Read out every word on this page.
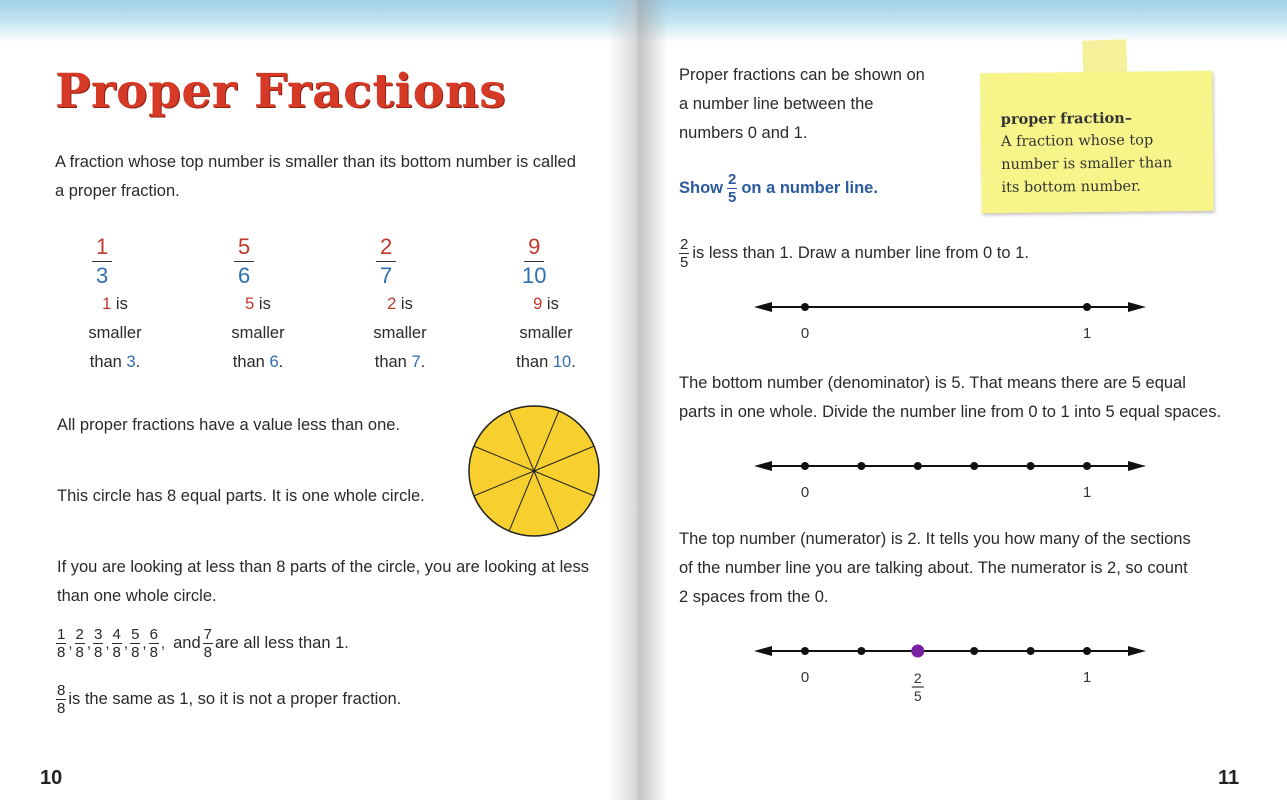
Proper Fractions
A fraction whose top number is smaller than its bottom number is called
a proper fraction.
$\frac{1}{3}$
1 is
smaller
than 3.
$\frac{5}{6}$
5 is
smaller
than 6.
$\frac{2}{7}$
2 is
smaller
than 7.
$\frac{9}{10}$
9 is
smaller
than 10.
All proper fractions have a value less than one.
This circle has 8 equal parts. It is one whole circle.
If you are looking at less than 8 parts of the circle, you are looking at less
than one whole circle.
$\frac{1}{8}$ , $\frac{2}{8}$ , $\frac{3}{8}$ , $\frac{4}{8}$ , $\frac{5}{8}$ , $\frac{6}{8}$ , and $\frac{7}{8}$ are all less than 1.
$\frac{8}{8}$ is the same as 1, so it is not a proper fraction.
10
Proper fractions can be shown on
a number line between the
numbers 0 and 1.
proper fraction–
A fraction whose top
number is smaller than
its bottom number.
Show $\frac{2}{5}$ on a number line.
$\frac{2}{5}$ is less than 1. Draw a number line from 0 to 1.
0	1
The bottom number (denominator) is 5. That means there are 5 equal
parts in one whole. Divide the number line from 0 to 1 into 5 equal spaces.
0	1
The top number (numerator) is 2. It tells you how many of the sections
of the number line you are talking about. The numerator is 2, so count
2 spaces from the 0.
0	1
2
5
11
